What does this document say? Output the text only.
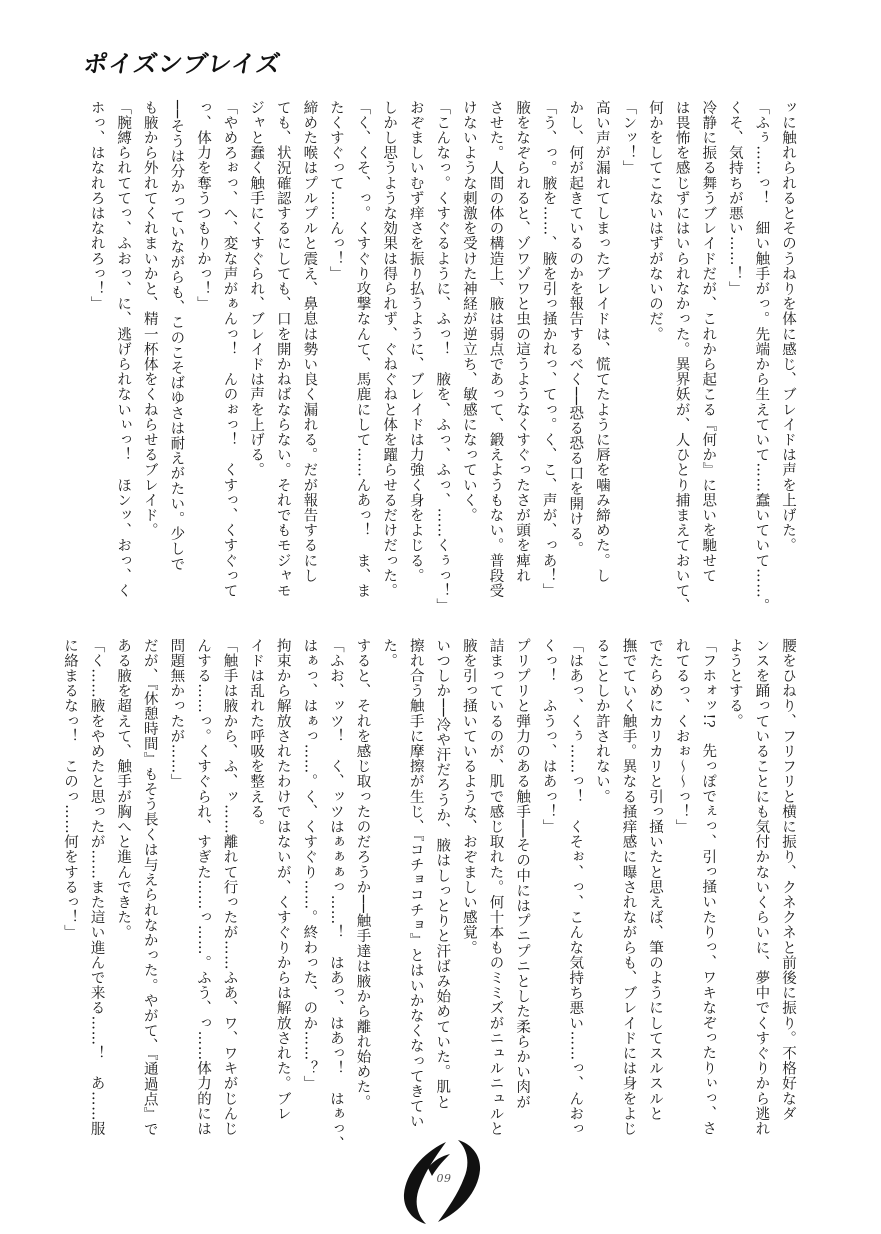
ポイズンブレイズ

ッに触れられるとそのうねりを体に感じ、ブレイドは声を上げた。

「ふぅ……っ！　細い触手がっ。先端から生えていて……蠢いていて……。

くそ、気持ちが悪い……！」

冷静に振る舞うブレイドだが、これから起こる『何か』に思いを馳せて

は畏怖を感じずにはいられなかった。異界妖が、人ひとり捕まえておいて、

何かをしてこないはずがないのだ。

「ンッ！」

高い声が漏れてしまったブレイドは、慌てたように唇を噛み締めた。し

かし、何が起きているのかを報告するべく──恐る恐る口を開ける。

「う、っ。腋を……、腋を引っ掻かれっ、てっ。く、こ、声が、っあ！」

腋をなぞられると、ゾワゾワと虫の這うようなくすぐったさが頭を痺れ

させた。人間の体の構造上、腋は弱点であって、鍛えようもない。普段受

けないような刺激を受けた神経が逆立ち、敏感になっていく。

「こんなっ。くすぐるように、ふっ！　腋を、ふっ、ふっ、……くぅっ！」

おぞましいむず痒さを振り払うように、ブレイドは力強く身をよじる。

しかし思うような効果は得られず、ぐねぐねと体を躍らせるだけだった。

「く、くそ、っ。くすぐり攻撃なんて、馬鹿にして……んあっ！　ま、ま

たくすぐって……んっ！」

締めた喉はプルプルと震え、鼻息は勢い良く漏れる。だが報告するにし

ても、状況確認するにしても、口を開かねばならない。それでもモジャモ

ジャと蠢く触手にくすぐられ、ブレイドは声を上げる。

「やめろぉっ、へ、変な声がぁんっ！　んのぉっ！　くすっ、くすぐって

っ、体力を奪うつもりかっ！」

──そうは分かっていながらも、このこそばゆさは耐えがたい。少しで

も腋から外れてくれまいかと、精一杯体をくねらせるブレイド。

「腕縛られててっ、ふおっ、に、逃げられないぃっ！　ほンッ、おっ、く

ホっ、はなれろはなれろっ！」

腰をひねり、フリフリと横に振り、クネクネと前後に振り。不格好なダ

ンスを踊っていることにも気付かないくらいに、夢中でくすぐりから逃れ

ようとする。

「フホォッ!?　先っぽでぇっ、引っ掻いたりっ、ワキなぞったりぃっ、さ

れてるっ、くおぉ〜〜っ！」

でたらめにカリカリと引っ掻いたと思えば、筆のようにしてスルスルと

撫でていく触手。異なる掻痒感に曝されながらも、ブレイドには身をよじ

ることしか許されない。

「はあっ、くぅ……っ！　くそぉ、っ、こんな気持ち悪い……っ、んおっ

くっ！　ふうっ、はあっ！」

プリプリと弾力のある触手──その中にはプニプニとした柔らかい肉が

詰まっているのが、肌で感じ取れた。何十本ものミミズがニュルニュルと

腋を引っ掻いているような、おぞましい感覚。

いつしか──冷や汗だろうか、腋はしっとりと汗ばみ始めていた。肌と

擦れ合う触手に摩擦が生じ、『コチョコチョ』とはいかなくなってきていた。

すると、それを感じ取ったのだろうか──触手達は腋から離れ始めた。

「ふお、ッツ！　く、ッツはぁぁぁっ……！　はあっ、はあっ！　はぁっ、

はぁっ、はぁっ……。く、くすぐり……。終わった、のか……？」

拘束から解放されたわけではないが、くすぐりからは解放された。ブレ

イドは乱れた呼吸を整える。

「触手は腋から、ふ、ッ……離れて行ったが……ふあ、ワ、ワキがじんじ

んする……っ。くすぐられ、すぎた……っ……。ふう、っ……体力的には

問題無かったが……」

だが、『休憩時間』もそう長くは与えられなかった。やがて、『通過点』で

ある腋を超えて、触手が胸へと進んできた。

「く……腋をやめたと思ったが……また這い進んで来る……！　あ……服

に絡まるなっ！　このっ……何をするっ！」

09
